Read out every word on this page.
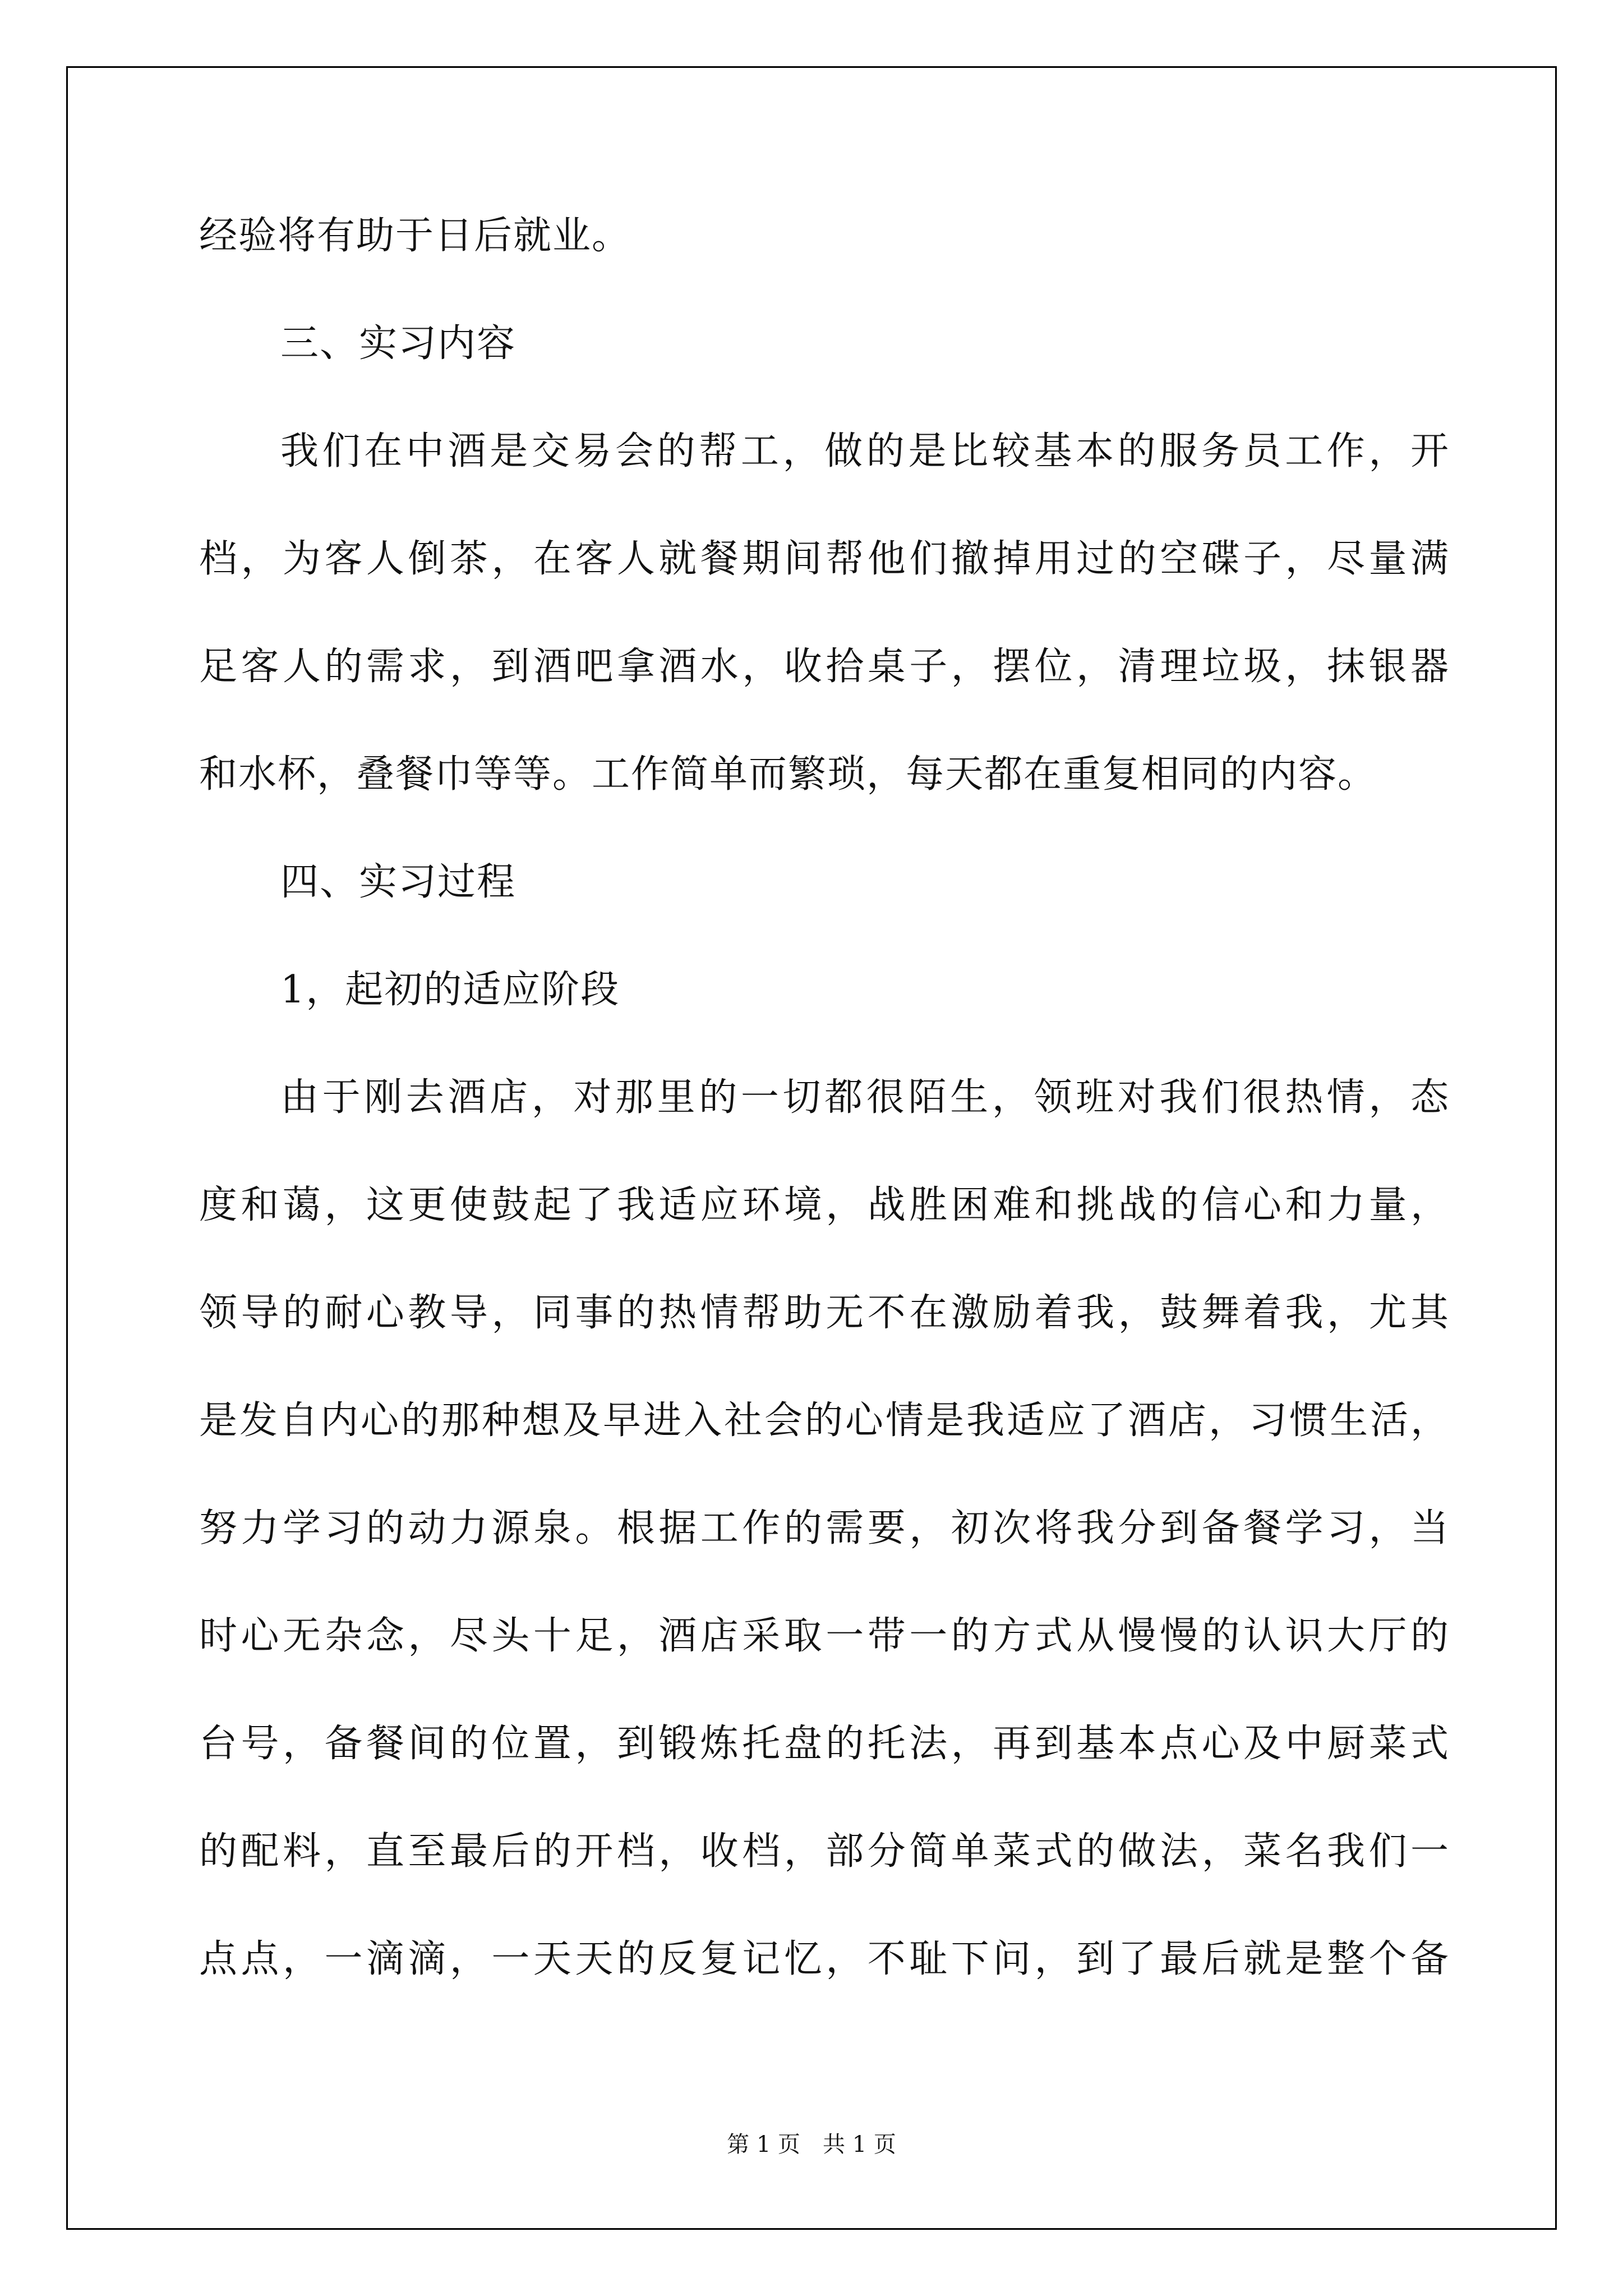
经验将有助于日后就业。
三、实习内容
我们在中酒是交易会的帮工，做的是比较基本的服务员工作，开
档，为客人倒茶，在客人就餐期间帮他们撤掉用过的空碟子，尽量满
足客人的需求，到酒吧拿酒水，收拾桌子，摆位，清理垃圾，抹银器
和水杯，叠餐巾等等。工作简单而繁琐，每天都在重复相同的内容。
四、实习过程
1，起初的适应阶段
由于刚去酒店，对那里的一切都很陌生，领班对我们很热情，态
度和蔼，这更使鼓起了我适应环境，战胜困难和挑战的信心和力量，
领导的耐心教导，同事的热情帮助无不在激励着我，鼓舞着我，尤其
是发自内心的那种想及早进入社会的心情是我适应了酒店，习惯生活，
努力学习的动力源泉。根据工作的需要，初次将我分到备餐学习，当
时心无杂念，尽头十足，酒店采取一带一的方式从慢慢的认识大厅的
台号，备餐间的位置，到锻炼托盘的托法，再到基本点心及中厨菜式
的配料，直至最后的开档，收档，部分简单菜式的做法，菜名我们一
点点，一滴滴，一天天的反复记忆，不耻下问，到了最后就是整个备
第 1 页　共 1 页
